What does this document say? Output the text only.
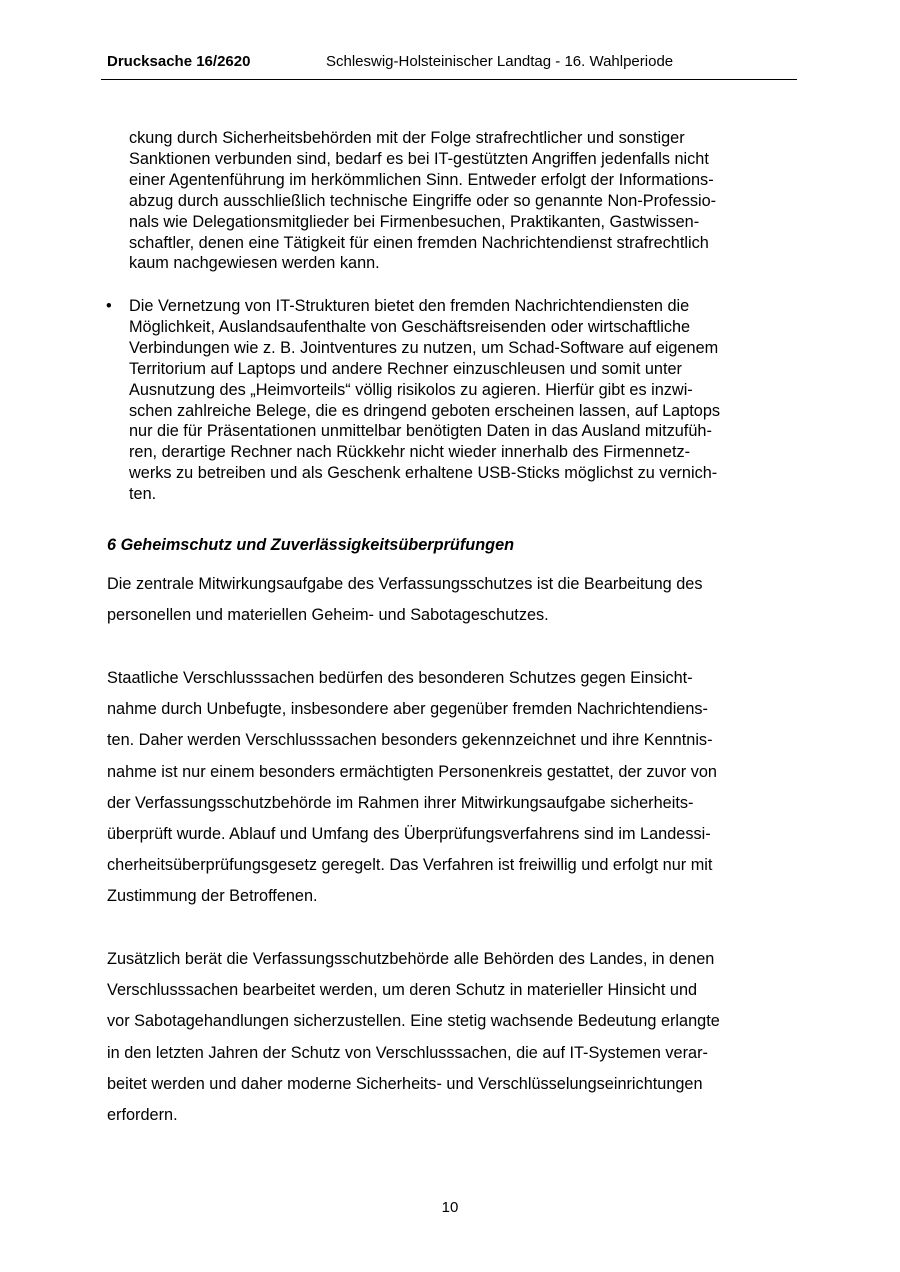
Drucksache 16/2620	Schleswig-Holsteinischer Landtag - 16. Wahlperiode
ckung durch Sicherheitsbehörden mit der Folge strafrechtlicher und sonstiger
Sanktionen verbunden sind, bedarf es bei IT-gestützten Angriffen jedenfalls nicht
einer Agentenführung im herkömmlichen Sinn. Entweder erfolgt der Informations-
abzug durch ausschließlich technische Eingriffe oder so genannte Non-Professio-
nals wie Delegationsmitglieder bei Firmenbesuchen, Praktikanten, Gastwissen-
schaftler, denen eine Tätigkeit für einen fremden Nachrichtendienst strafrechtlich
kaum nachgewiesen werden kann.
• Die Vernetzung von IT-Strukturen bietet den fremden Nachrichtendiensten die
Möglichkeit, Auslandsaufenthalte von Geschäftsreisenden oder wirtschaftliche
Verbindungen wie z. B. Jointventures zu nutzen, um Schad-Software auf eigenem
Territorium auf Laptops und andere Rechner einzuschleusen und somit unter
Ausnutzung des „Heimvorteils“ völlig risikolos zu agieren. Hierfür gibt es inzwi-
schen zahlreiche Belege, die es dringend geboten erscheinen lassen, auf Laptops
nur die für Präsentationen unmittelbar benötigten Daten in das Ausland mitzufüh-
ren, derartige Rechner nach Rückkehr nicht wieder innerhalb des Firmennetz-
werks zu betreiben und als Geschenk erhaltene USB-Sticks möglichst zu vernich-
ten.
6 Geheimschutz und Zuverlässigkeitsüberprüfungen
Die zentrale Mitwirkungsaufgabe des Verfassungsschutzes ist die Bearbeitung des
personellen und materiellen Geheim- und Sabotageschutzes.
Staatliche Verschlusssachen bedürfen des besonderen Schutzes gegen Einsicht-
nahme durch Unbefugte, insbesondere aber gegenüber fremden Nachrichtendiens-
ten. Daher werden Verschlusssachen besonders gekennzeichnet und ihre Kenntnis-
nahme ist nur einem besonders ermächtigten Personenkreis gestattet, der zuvor von
der Verfassungsschutzbehörde im Rahmen ihrer Mitwirkungsaufgabe sicherheits-
überprüft wurde. Ablauf und Umfang des Überprüfungsverfahrens sind im Landessi-
cherheitsüberprüfungsgesetz geregelt. Das Verfahren ist freiwillig und erfolgt nur mit
Zustimmung der Betroffenen.
Zusätzlich berät die Verfassungsschutzbehörde alle Behörden des Landes, in denen
Verschlusssachen bearbeitet werden, um deren Schutz in materieller Hinsicht und
vor Sabotagehandlungen sicherzustellen. Eine stetig wachsende Bedeutung erlangte
in den letzten Jahren der Schutz von Verschlusssachen, die auf IT-Systemen verar-
beitet werden und daher moderne Sicherheits- und Verschlüsselungseinrichtungen
erfordern.
10
